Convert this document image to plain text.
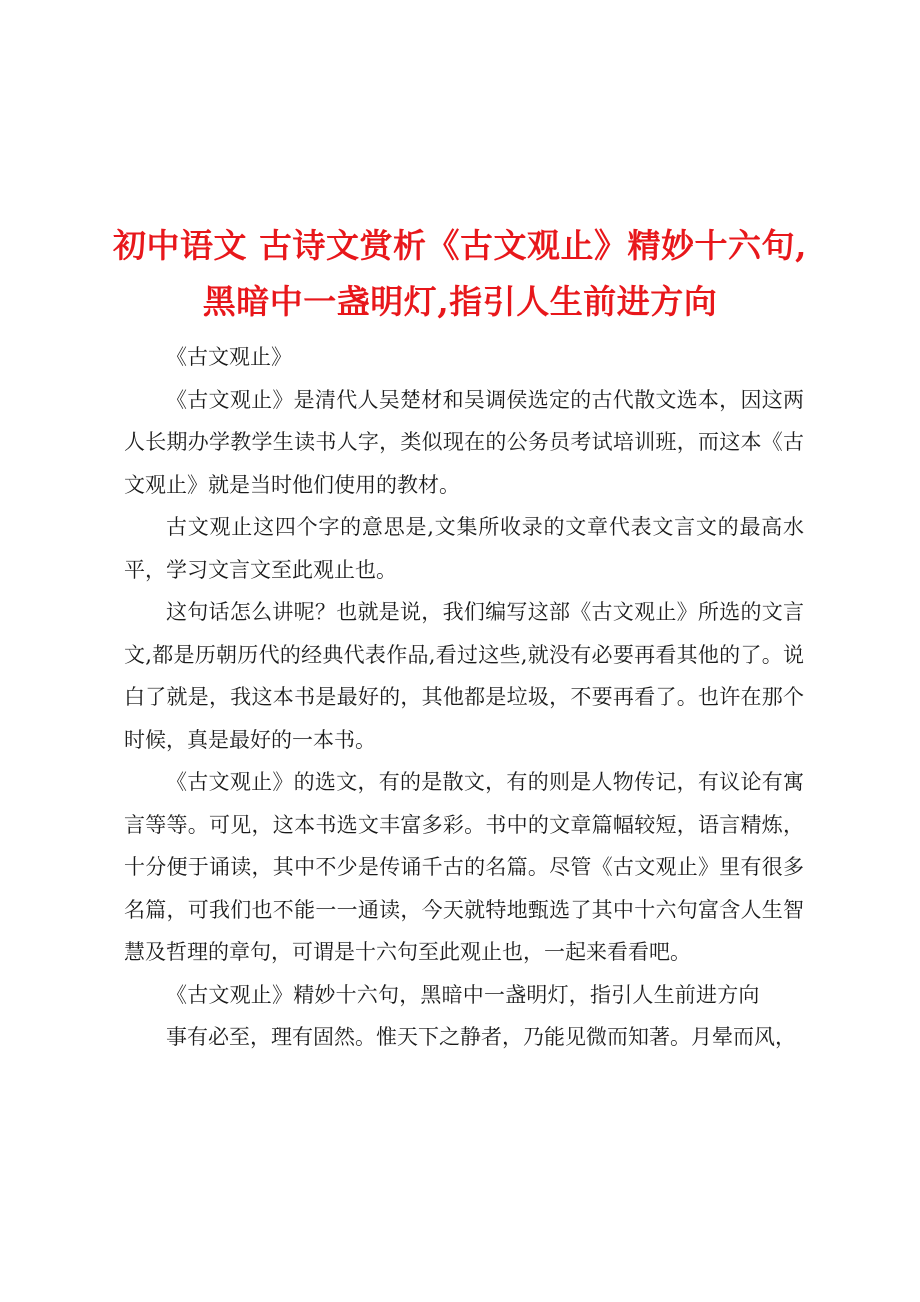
初中语文 古诗文赏析《古文观止》精妙十六句,
黑暗中一盏明灯,指引人生前进方向

《古文观止》

《古文观止》是清代人吴楚材和吴调侯选定的古代散文选本，因这两人长期办学教学生读书人字，类似现在的公务员考试培训班，而这本《古文观止》就是当时他们使用的教材。

古文观止这四个字的意思是,文集所收录的文章代表文言文的最高水平，学习文言文至此观止也。

这句话怎么讲呢？也就是说，我们编写这部《古文观止》所选的文言文,都是历朝历代的经典代表作品,看过这些,就没有必要再看其他的了。说白了就是，我这本书是最好的，其他都是垃圾，不要再看了。也许在那个时候，真是最好的一本书。

《古文观止》的选文，有的是散文，有的则是人物传记，有议论有寓言等等。可见，这本书选文丰富多彩。书中的文章篇幅较短，语言精炼，十分便于诵读，其中不少是传诵千古的名篇。尽管《古文观止》里有很多名篇，可我们也不能一一通读，今天就特地甄选了其中十六句富含人生智慧及哲理的章句，可谓是十六句至此观止也，一起来看看吧。

《古文观止》精妙十六句，黑暗中一盏明灯，指引人生前进方向

事有必至，理有固然。惟天下之静者，乃能见微而知著。月晕而风，
